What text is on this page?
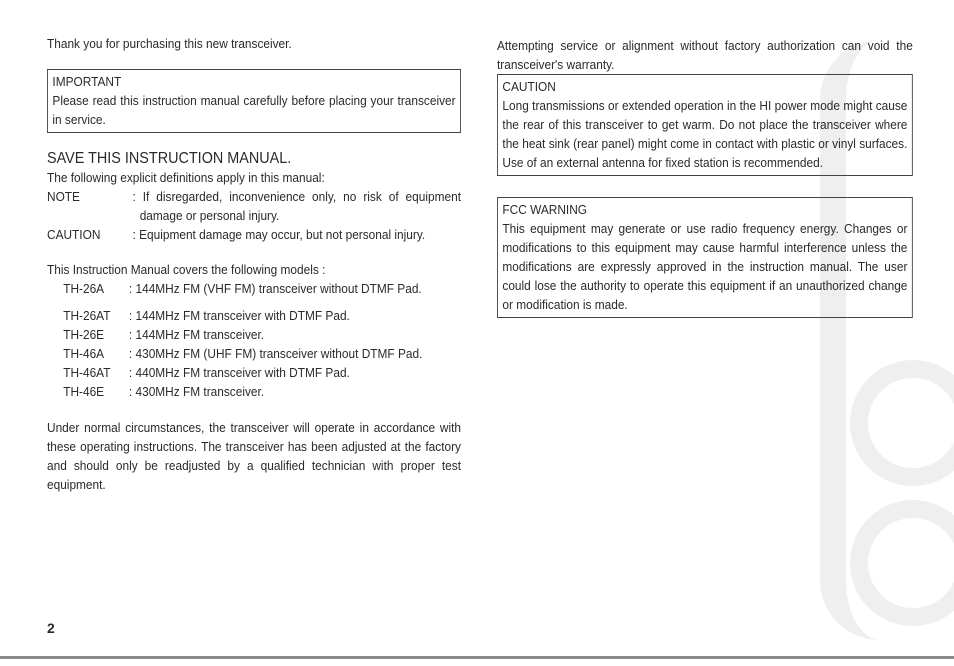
Thank you for purchasing this new transceiver.
IMPORTANT
Please read this instruction manual carefully before placing your transceiver in service.
SAVE THIS INSTRUCTION MANUAL.
The following explicit definitions apply in this manual:
NOTE	: If disregarded, inconvenience only, no risk of equipment damage or personal injury.
CAUTION	: Equipment damage may occur, but not personal injury.
This Instruction Manual covers the following models :
TH-26A	: 144MHz FM (VHF FM) transceiver without DTMF Pad.
TH-26AT	: 144MHz FM transceiver with DTMF Pad.
TH-26E	: 144MHz FM transceiver.
TH-46A	: 430MHz FM (UHF FM) transceiver without DTMF Pad.
TH-46AT	: 440MHz FM transceiver with DTMF Pad.
TH-46E	: 430MHz FM transceiver.
Under normal circumstances, the transceiver will operate in accordance with these operating instructions. The transceiver has been adjusted at the factory and should only be readjusted by a qualified technician with proper test equipment.
2
Attempting service or alignment without factory authorization can void the transceiver's warranty.
CAUTION
Long transmissions or extended operation in the HI power mode might cause the rear of this transceiver to get warm. Do not place the transceiver where the heat sink (rear panel) might come in contact with plastic or vinyl surfaces. Use of an external antenna for fixed station is recommended.
FCC WARNING
This equipment may generate or use radio frequency energy. Changes or modifications to this equipment may cause harmful interference unless the modifications are expressly approved in the instruction manual. The user could lose the authority to operate this equipment if an unauthorized change or modification is made.
